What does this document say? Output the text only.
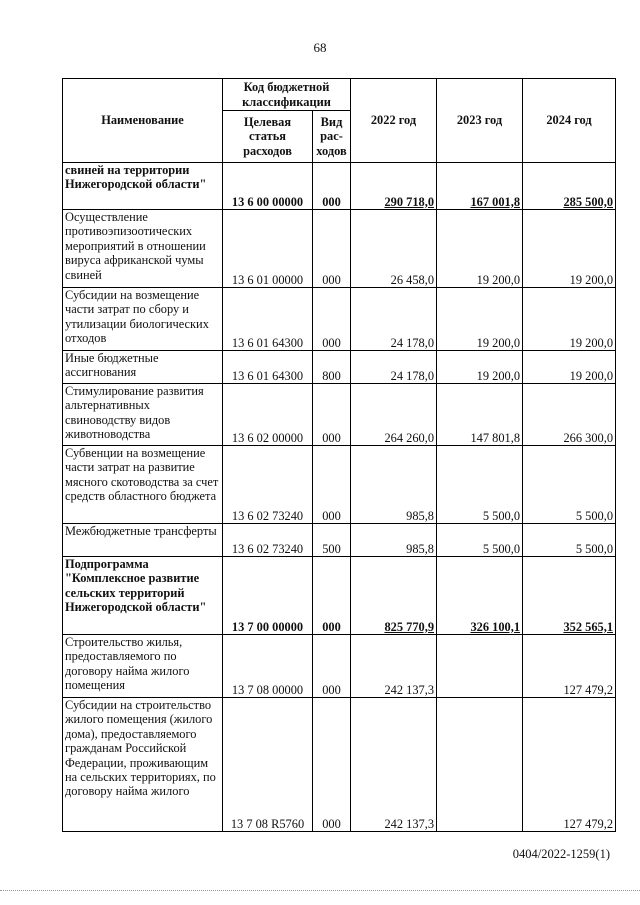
68
Наименование	Код бюджетной классификации		2022 год	2023 год	2024 год
	Целевая статья расходов	Вид рас-ходов			
свиней на территории Нижегородской области"	13 6 00 00000	000	290 718,0	167 001,8	285 500,0
Осуществление противоэпизоотических мероприятий в отношении вируса африканской чумы свиней	13 6 01 00000	000	26 458,0	19 200,0	19 200,0
Субсидии на возмещение части затрат по сбору и утилизации биологических отходов	13 6 01 64300	000	24 178,0	19 200,0	19 200,0
Иные бюджетные ассигнования	13 6 01 64300	800	24 178,0	19 200,0	19 200,0
Стимулирование развития альтернативных свиноводству видов животноводства	13 6 02 00000	000	264 260,0	147 801,8	266 300,0
Субвенции на возмещение части затрат на развитие мясного скотоводства за счет средств областного бюджета	13 6 02 73240	000	985,8	5 500,0	5 500,0
Межбюджетные трансферты	13 6 02 73240	500	985,8	5 500,0	5 500,0
Подпрограмма "Комплексное развитие сельских территорий Нижегородской области"	13 7 00 00000	000	825 770,9	326 100,1	352 565,1
Строительство жилья, предоставляемого по договору найма жилого помещения	13 7 08 00000	000	242 137,3		127 479,2
Субсидии на строительство жилого помещения (жилого дома), предоставляемого гражданам Российской Федерации, проживающим на сельских территориях, по договору найма жилого	13 7 08 R5760	000	242 137,3		127 479,2
0404/2022-1259(1)
